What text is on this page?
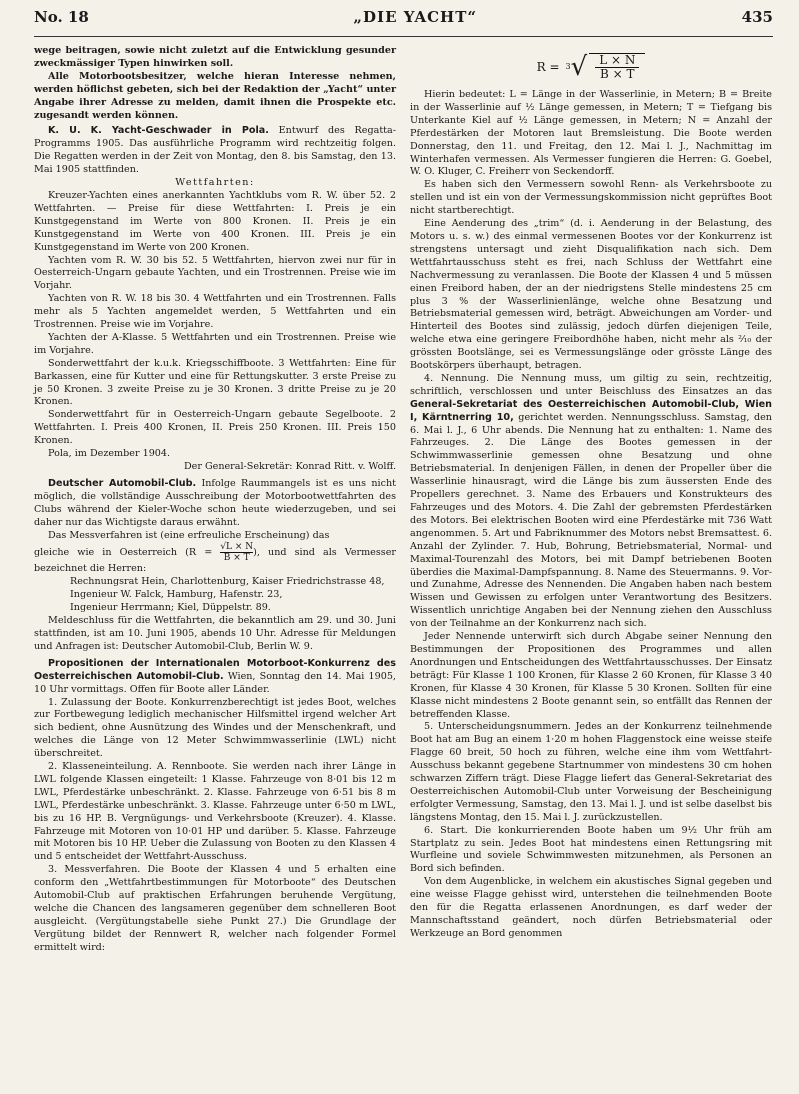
No. 18	„DIE YACHT“	435

wege beitragen, sowie nicht zuletzt auf die Entwicklung gesunder zweckmässiger Typen hinwirken soll.

Alle Motorbootsbesitzer, welche hieran Interesse nehmen, werden höflichst gebeten, sich bei der Redaktion der „Yacht“ unter Angabe ihrer Adresse zu melden, damit ihnen die Prospekte etc. zugesandt werden können.

K. U. K. Yacht-Geschwader in Pola. Entwurf des Regatta-Programms 1905. Das ausführliche Programm wird rechtzeitig folgen. Die Regatten werden in der Zeit von Montag, den 8. bis Samstag, den 13. Mai 1905 stattfinden.

Wettfahrten:

Kreuzer-Yachten eines anerkannten Yachtklubs vom R. W. über 52. 2 Wettfahrten. — Preise für diese Wettfahrten: I. Preis je ein Kunstgegenstand im Werte von 800 Kronen. II. Preis je ein Kunstgegenstand im Werte von 400 Kronen. III. Preis je ein Kunstgegenstand im Werte von 200 Kronen.

Yachten vom R. W. 30 bis 52. 5 Wettfahrten, hiervon zwei nur für in Oesterreich-Ungarn gebaute Yachten, und ein Trostrennen. Preise wie im Vorjahr.

Yachten von R. W. 18 bis 30. 4 Wettfahrten und ein Trostrennen. Falls mehr als 5 Yachten angemeldet werden, 5 Wettfahrten und ein Trostrennen. Preise wie im Vorjahre.

Yachten der A-Klasse. 5 Wettfahrten und ein Trostrennen. Preise wie im Vorjahre.

Sonderwettfahrt der k.u.k. Kriegsschiffboote. 3 Wettfahrten: Eine für Barkassen, eine für Kutter und eine für Rettungskutter. 3 erste Preise zu je 50 Kronen. 3 zweite Preise zu je 30 Kronen. 3 dritte Preise zu je 20 Kronen.

Sonderwettfahrt für in Oesterreich-Ungarn gebaute Segelboote. 2 Wettfahrten. I. Preis 400 Kronen, II. Preis 250 Kronen. III. Preis 150 Kronen.

Pola, im Dezember 1904.

Der General-Sekretär: Konrad Ritt. v. Wolff.

Deutscher Automobil-Club. Infolge Raummangels ist es uns nicht möglich, die vollständige Ausschreibung der Motorbootwettfahrten des Clubs während der Kieler-Woche schon heute wiederzugeben, und sei daher nur das Wichtigste daraus erwähnt.

Das Messverfahren ist (eine erfreuliche Erscheinung) das

gleiche wie in Oesterreich ($R = \frac{√L \times N}{B \times T}$ ), und sind als Vermesser bezeichnet die Herren:

Rechnungsrat Hein, Charlottenburg, Kaiser Friedrichstrasse 48,

Ingenieur W. Falck, Hamburg, Hafenstr. 23,

Ingenieur Herrmann; Kiel, Düppelstr. 89.

Meldeschluss für die Wettfahrten, die bekanntlich am 29. und 30. Juni stattfinden, ist am 10. Juni 1905, abends 10 Uhr. Adresse für Meldungen und Anfragen ist: Deutscher Automobil-Club, Berlin W. 9.

Propositionen der Internationalen Motorboot-Konkurrenz des Oesterreichischen Automobil-Club. Wien, Sonntag den 14. Mai 1905, 10 Uhr vormittags. Offen für Boote aller Länder.

1. Zulassung der Boote. Konkurrenzberechtigt ist jedes Boot, welches zur Fortbewegung lediglich mechanischer Hilfsmittel irgend welcher Art sich bedient, ohne Ausnützung des Windes und der Menschenkraft, und welches die Länge von 12 Meter Schwimmwasserlinie (LWL) nicht überschreitet.

2. Klasseneinteilung. A. Rennboote. Sie werden nach ihrer Länge in LWL folgende Klassen eingeteilt: 1 Klasse. Fahrzeuge von 8·01 bis 12 m LWL, Pferdestärke unbeschränkt. 2. Klasse. Fahrzeuge von 6·51 bis 8 m LWL, Pferdestärke unbeschränkt. 3. Klasse. Fahrzeuge unter 6·50 m LWL, bis zu 16 HP. B. Vergnügungs- und Verkehrsboote (Kreuzer). 4. Klasse. Fahrzeuge mit Motoren von 10·01 HP und darüber. 5. Klasse. Fahrzeuge mit Motoren bis 10 HP. Ueber die Zulassung von Booten zu den Klassen 4 und 5 entscheidet der Wettfahrt-Ausschuss.

3. Messverfahren. Die Boote der Klassen 4 und 5 erhalten eine conform den „Wettfahrtbestimmungen für Motorboote“ des Deutschen Automobil-Club auf praktischen Erfahrungen beruhende Vergütung, welche die Chancen des langsameren gegenüber dem schnelleren Boot ausgleicht. (Vergütungstabelle siehe Punkt 27.) Die Grundlage der Vergütung bildet der Rennwert R, welcher nach folgender Formel ermittelt wird:

R = 3 √ $\frac{L \times N}{B \times T}$

Hierin bedeutet: L = Länge in der Wasserlinie, in Metern; B = Breite in der Wasserlinie auf ½ Länge gemessen, in Metern; T = Tiefgang bis Unterkante Kiel auf ½ Länge gemessen, in Metern; N = Anzahl der Pferdestärken der Motoren laut Bremsleistung. Die Boote werden Donnerstag, den 11. und Freitag, den 12. Mai l. J., Nachmittag im Winterhafen vermessen. Als Vermesser fungieren die Herren: G. Goebel, W. O. Kluger, C. Freiherr von Seckendorff.

Es haben sich den Vermessern sowohl Renn- als Verkehrsboote zu stellen und ist ein von der Vermessungskommission nicht geprüftes Boot nicht startberechtigt.

Eine Aenderung des „trim“ (d. i. Aenderung in der Belastung, des Motors u. s. w.) des einmal vermessenen Bootes vor der Konkurrenz ist strengstens untersagt und zieht Disqualifikation nach sich. Dem Wettfahrtausschuss steht es frei, nach Schluss der Wettfahrt eine Nachvermessung zu veranlassen. Die Boote der Klassen 4 und 5 müssen einen Freibord haben, der an der niedrigstens Stelle mindestens 25 cm plus 3 % der Wasserlinienlänge, welche ohne Besatzung und Betriebsmaterial gemessen wird, beträgt. Abweichungen am Vorder- und Hinterteil des Bootes sind zulässig, jedoch dürfen diejenigen Teile, welche etwa eine geringere Freibordhöhe haben, nicht mehr als ²⁄₁₀ der grössten Bootslänge, sei es Vermessungslänge oder grösste Länge des Bootskörpers überhaupt, betragen.

4. Nennung. Die Nennung muss, um giltig zu sein, rechtzeitig, schriftlich, verschlossen und unter Beischluss des Einsatzes an das General-Sekretariat des Oesterreichischen Automobil-Club, Wien I, Kärntnerring 10, gerichtet werden. Nennungsschluss. Samstag, den 6. Mai l. J., 6 Uhr abends. Die Nennung hat zu enthalten: 1. Name des Fahrzeuges. 2. Die Länge des Bootes gemessen in der Schwimmwasserlinie gemessen ohne Besatzung und ohne Betriebsmaterial. In denjenigen Fällen, in denen der Propeller über die Wasserlinie hinausragt, wird die Länge bis zum äussersten Ende des Propellers gerechnet. 3. Name des Erbauers und Konstrukteurs des Fahrzeuges und des Motors. 4. Die Zahl der gebremsten Pferdestärken des Motors. Bei elektrischen Booten wird eine Pferdestärke mit 736 Watt angenommen. 5. Art und Fabriknummer des Motors nebst Bremsattest. 6. Anzahl der Zylinder. 7. Hub, Bohrung, Betriebsmaterial, Normal- und Maximal-Tourenzahl des Motors, bei mit Dampf betriebenen Booten überdies die Maximal-Dampfspannung. 8. Name des Steuermanns. 9. Vor- und Zunahme, Adresse des Nennenden. Die Angaben haben nach bestem Wissen und Gewissen zu erfolgen unter Verantwortung des Besitzers. Wissentlich unrichtige Angaben bei der Nennung ziehen den Ausschluss von der Teilnahme an der Konkurrenz nach sich.

Jeder Nennende unterwirft sich durch Abgabe seiner Nennung den Bestimmungen der Propositionen des Programmes und allen Anordnungen und Entscheidungen des Wettfahrtausschusses. Der Einsatz beträgt: Für Klasse 1 100 Kronen, für Klasse 2 60 Kronen, für Klasse 3 40 Kronen, für Klasse 4 30 Kronen, für Klasse 5 30 Kronen. Sollten für eine Klasse nicht mindestens 2 Boote genannt sein, so entfällt das Rennen der betreffenden Klasse.

5. Unterscheidungsnummern. Jedes an der Konkurrenz teilnehmende Boot hat am Bug an einem 1·20 m hohen Flaggenstock eine weisse steife Flagge 60 breit, 50 hoch zu führen, welche eine ihm vom Wettfahrt-Ausschuss bekannt gegebene Startnummer von mindestens 30 cm hohen schwarzen Ziffern trägt. Diese Flagge liefert das General-Sekretariat des Oesterreichischen Automobil-Club unter Vorweisung der Bescheinigung erfolgter Vermessung, Samstag, den 13. Mai l. J. und ist selbe daselbst bis längstens Montag, den 15. Mai l. J. zurückzustellen.

6. Start. Die konkurrierenden Boote haben um 9½ Uhr früh am Startplatz zu sein. Jedes Boot hat mindestens einen Rettungsring mit Wurfleine und soviele Schwimmwesten mitzunehmen, als Personen an Bord sich befinden.

Von dem Augenblicke, in welchem ein akustisches Signal gegeben und eine weisse Flagge gehisst wird, unterstehen die teilnehmenden Boote den für die Regatta erlassenen Anordnungen, es darf weder der Mannschaftsstand geändert, noch dürfen Betriebsmaterial oder Werkzeuge an Bord genommen
